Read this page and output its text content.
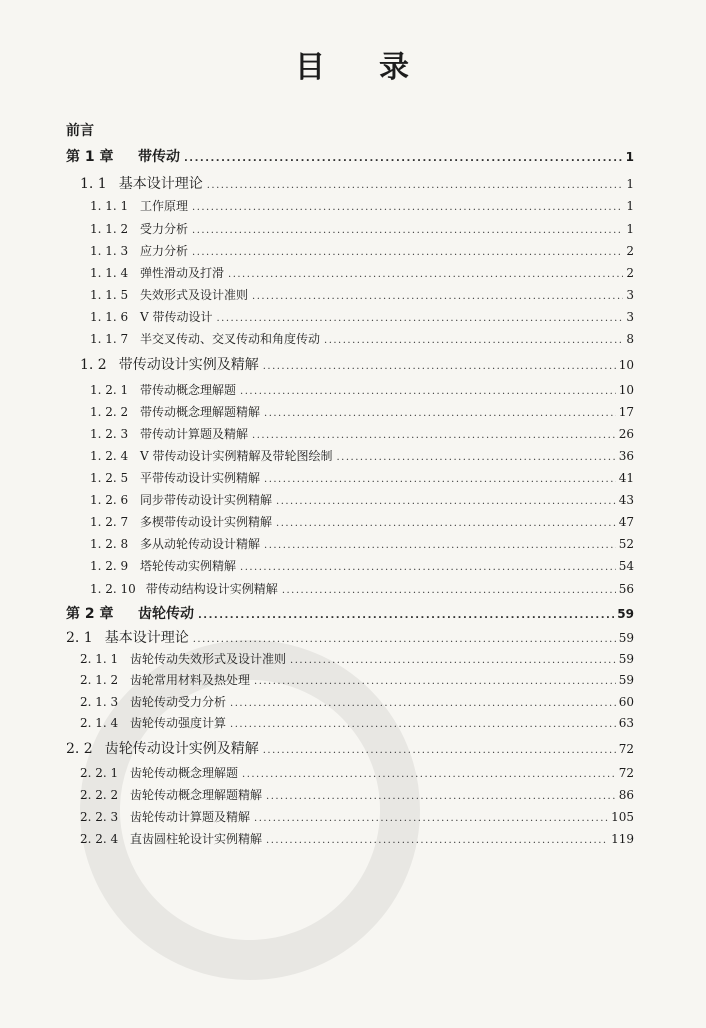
目 录
前言
第 1 章	带传动 .....	1
1. 1 基本设计理论 .....	1
1. 1. 1 工作原理 .....	1
1. 1. 2 受力分析 .....	1
1. 1. 3 应力分析 .....	2
1. 1. 4 弹性滑动及打滑 .....	2
1. 1. 5 失效形式及设计准则 .....	3
1. 1. 6 V 带传动设计 .....	3
1. 1. 7 半交叉传动、交叉传动和角度传动 .....	8
1. 2 带传动设计实例及精解 .....	10
1. 2. 1 带传动概念理解题 .....	10
1. 2. 2 带传动概念理解题精解 .....	17
1. 2. 3 带传动计算题及精解 .....	26
1. 2. 4 V 带传动设计实例精解及带轮图绘制 .....	36
1. 2. 5 平带传动设计实例精解 .....	41
1. 2. 6 同步带传动设计实例精解 .....	43
1. 2. 7 多楔带传动设计实例精解 .....	47
1. 2. 8 多从动轮传动设计精解 .....	52
1. 2. 9 塔轮传动实例精解 .....	54
1. 2. 10 带传动结构设计实例精解 .....	56
第 2 章	齿轮传动 .....	59
2. 1 基本设计理论 .....	59
2. 1. 1 齿轮传动失效形式及设计准则 .....	59
2. 1. 2 齿轮常用材料及热处理 .....	59
2. 1. 3 齿轮传动受力分析 .....	60
2. 1. 4 齿轮传动强度计算 .....	63
2. 2 齿轮传动设计实例及精解 .....	72
2. 2. 1 齿轮传动概念理解题 .....	72
2. 2. 2 齿轮传动概念理解题精解 .....	86
2. 2. 3 齿轮传动计算题及精解 .....	105
2. 2. 4 直齿圆柱轮设计实例精解 .....	119
